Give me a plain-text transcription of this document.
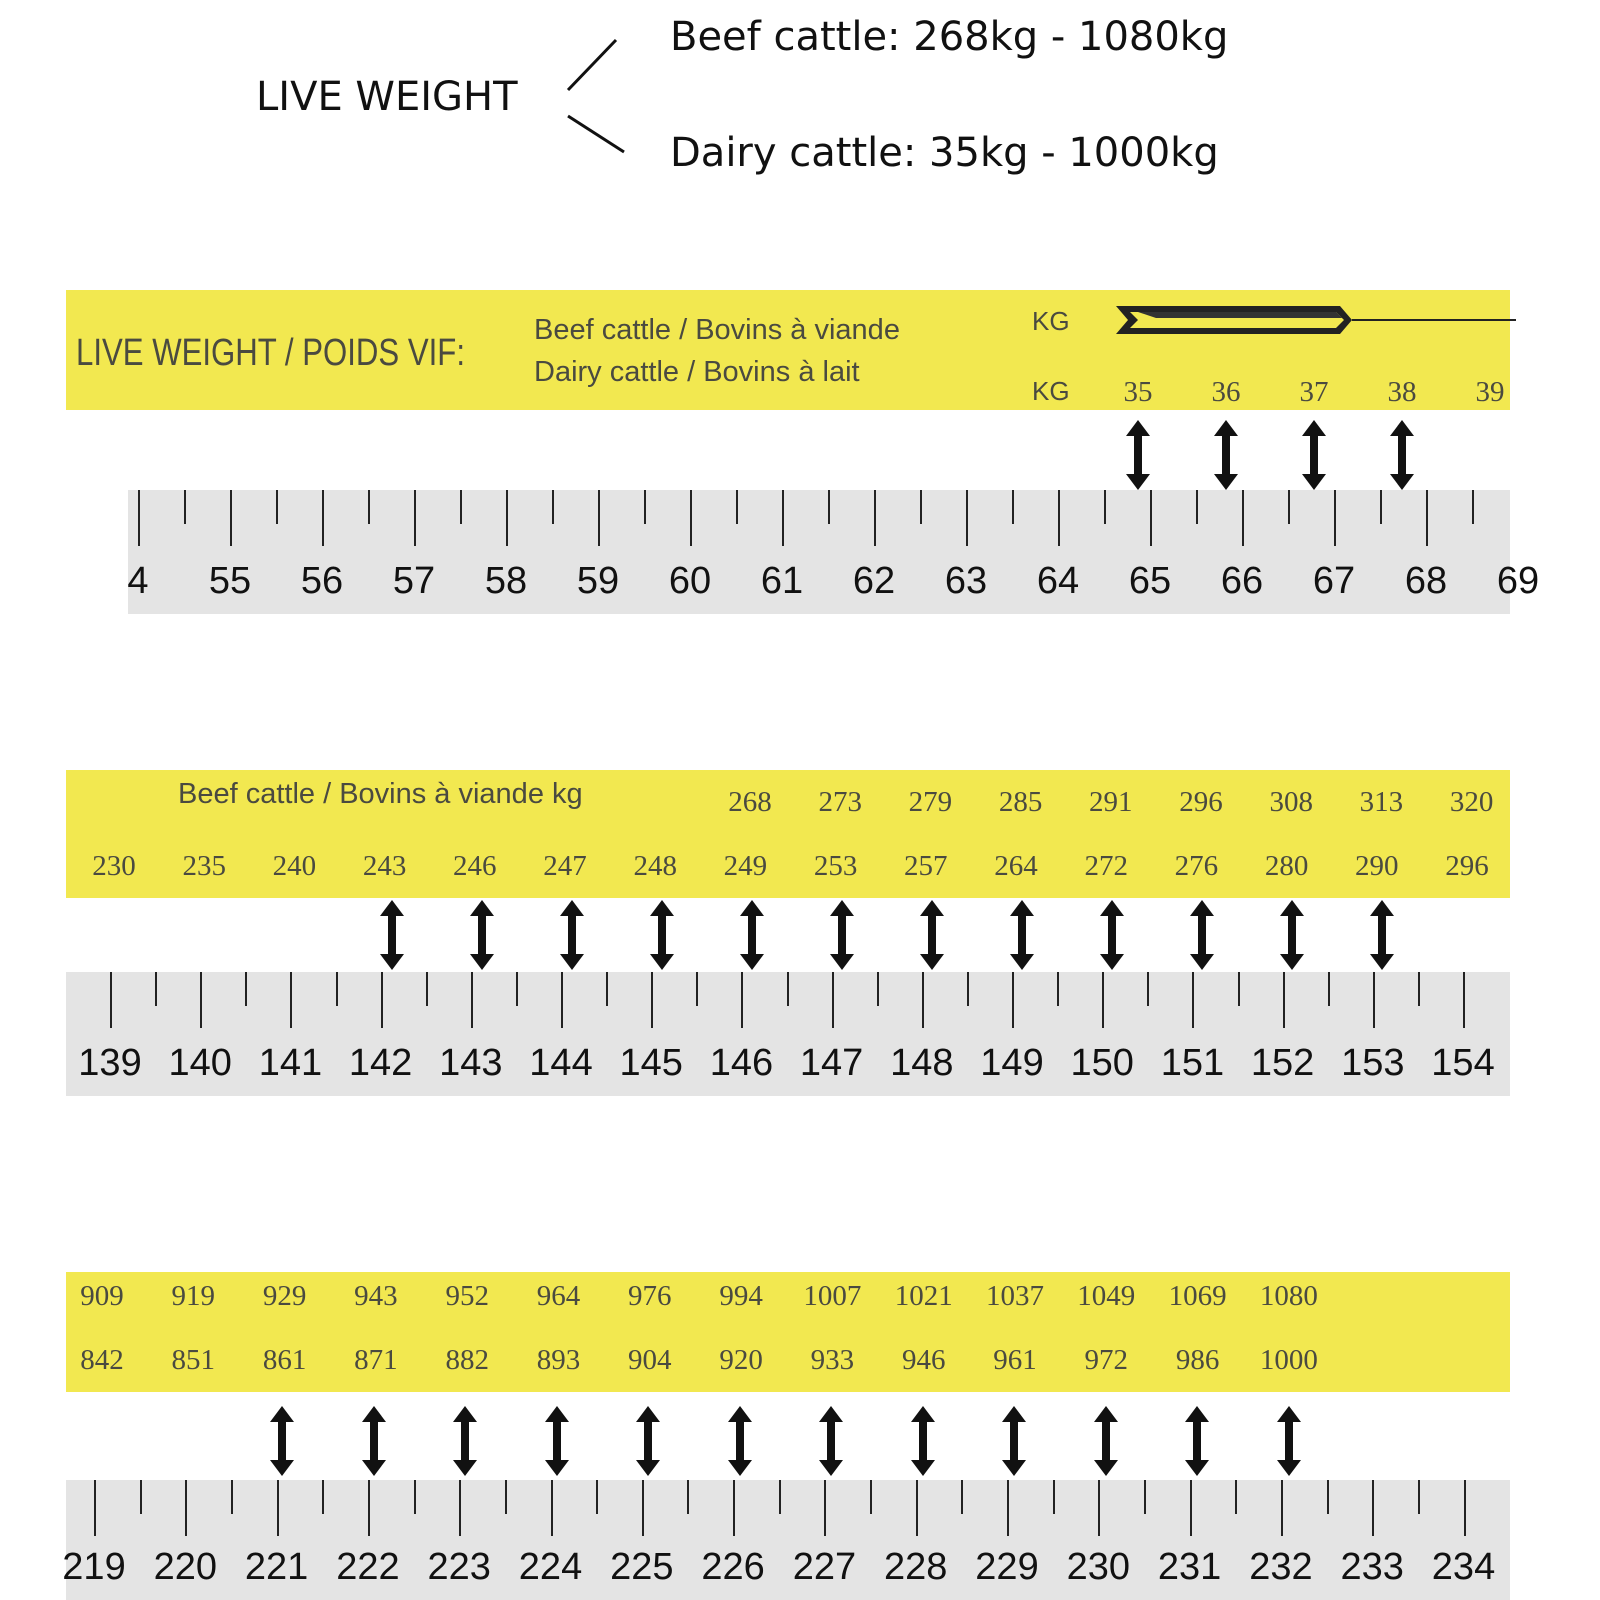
LIVE WEIGHT
Beef cattle: 268kg - 1080kg
Dairy cattle: 35kg - 1000kg
LIVE WEIGHT / POIDS VIF:
Beef cattle / Bovins à viande
Dairy cattle / Bovins à lait
KG
KG 35 36 37 38 39
4 55 56 57 58 59 60 61 62 63 64 65 66 67 68 69
Beef cattle / Bovins à viande kg	268 273 279 285 291 296 308 313 320
230 235 240 243 246 247 248 249 253 257 264 272 276 280 290 296
139 140 141 142 143 144 145 146 147 148 149 150 151 152 153 154
909 919 929 943 952 964 976 994 1007 1021 1037 1049 1069 1080
842 851 861 871 882 893 904 920 933 946 961 972 986 1000
219 220 221 222 223 224 225 226 227 228 229 230 231 232 233 234
